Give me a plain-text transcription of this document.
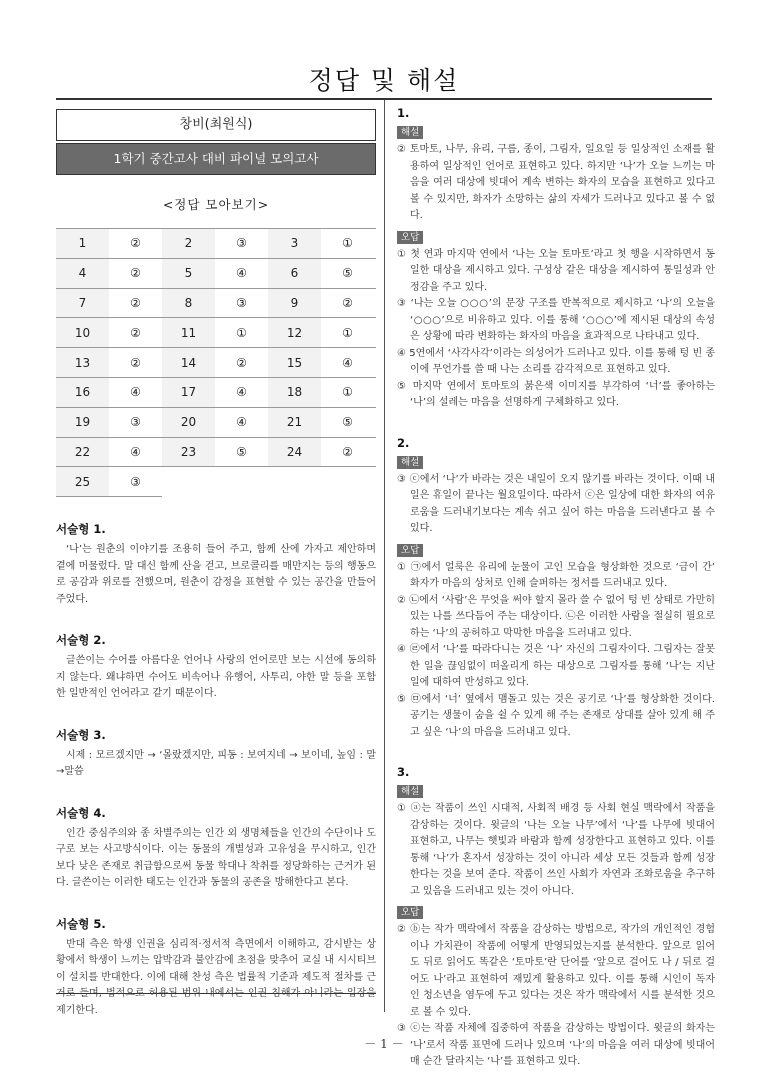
정답 및 해설
창비(최원식)
1학기 중간고사 대비 파이널 모의고사
<정답 모아보기>
1	②	2	③	3	①
4	②	5	④	6	⑤
7	②	8	③	9	②
10	②	11	①	12	①
13	②	14	②	15	④
16	④	17	④	18	①
19	③	20	④	21	⑤
22	④	23	⑤	24	②
25	③
서술형 1.
‘나’는 원춘의 이야기를 조용히 들어 주고, 함께 산에 가자고 제안하며 곁에 머물렀다. 말 대신 함께 산을 걷고, 브로콜리를 매만지는 등의 행동으로 공감과 위로를 전했으며, 원춘이 감정을 표현할 수 있는 공간을 만들어 주었다.
서술형 2.
글쓴이는 수어를 아름다운 언어나 사랑의 언어로만 보는 시선에 동의하지 않는다. 왜냐하면 수어도 비속어나 유행어, 사투리, 야한 말 등을 포함한 일반적인 언어라고 같기 때문이다.
서술형 3.
시제 : 모르겠지만 → ‘몰랐겠지만, 피동 : 보여지네 → 보이네, 높임 : 말 →말씀
서술형 4.
인간 중심주의와 종 차별주의는 인간 외 생명체들을 인간의 수단이나 도구로 보는 사고방식이다. 이는 동물의 개별성과 고유성을 무시하고, 인간보다 낮은 존재로 취급함으로써 동물 학대나 착취를 정당화하는 근거가 된다. 글쓴이는 이러한 태도는 인간과 동물의 공존을 방해한다고 본다.
서술형 5.
반대 측은 학생 인권을 심리적·정서적 측면에서 이해하고, 감시받는 상황에서 학생이 느끼는 압박감과 불안감에 초점을 맞추어 교실 내 시시티브이 설치를 반대한다. 이에 대해 찬성 측은 법률적 기준과 제도적 절차를 근거로 들며, 법적으로 허용된 범위 내에서는 인권 침해가 아니라는 입장을 제기한다.
1.
해설
② 토마토, 나무, 유리, 구름, 종이, 그림자, 일요일 등 일상적인 소재를 활용하여 일상적인 언어로 표현하고 있다. 하지만 ‘나’가 오늘 느끼는 마음을 여러 대상에 빗대어 계속 변하는 화자의 모습을 표현하고 있다고 볼 수 있지만, 화자가 소망하는 삶의 자세가 드러나고 있다고 볼 수 없다.
오답
① 첫 연과 마지막 연에서 ‘나는 오늘 토마토’라고 첫 행을 시작하면서 동일한 대상을 제시하고 있다. 구성상 같은 대상을 제시하여 통일성과 안정감을 주고 있다.
③ ‘나는 오늘 ○○○’의 문장 구조를 반복적으로 제시하고 ‘나’의 오늘을 ‘○○○’으로 비유하고 있다. 이를 통해 ‘○○○’에 제시된 대상의 속성은 상황에 따라 변화하는 화자의 마음을 효과적으로 나타내고 있다.
④ 5연에서 ‘사각사각’이라는 의성어가 드러나고 있다. 이를 통해 텅 빈 종이에 무언가를 쓸 때 나는 소리를 감각적으로 표현하고 있다.
⑤ 마지막 연에서 토마토의 붉은색 이미지를 부각하여 ‘너’를 좋아하는 ‘나’의 설레는 마음을 선명하게 구체화하고 있다.
2.
해설
③ ⓒ에서 ‘나’가 바라는 것은 내일이 오지 않기를 바라는 것이다. 이때 내일은 휴일이 끝나는 월요일이다. 따라서 ⓒ은 일상에 대한 화자의 여유로움을 드러내기보다는 계속 쉬고 싶어 하는 마음을 드러낸다고 볼 수 있다.
오답
① ㉠에서 얼룩은 유리에 눈물이 고인 모습을 형상화한 것으로 ‘금이 간’ 화자가 마음의 상처로 인해 슬퍼하는 정서를 드러내고 있다.
② ㉡에서 ‘사람’은 무엇을 써야 할지 몰라 쓸 수 없어 텅 빈 상태로 가만히 있는 나를 쓰다듬어 주는 대상이다. ㉡은 이러한 사람을 절실히 필요로 하는 ‘나’의 공허하고 막막한 마음을 드러내고 있다.
④ ㉣에서 ‘나’를 따라다니는 것은 ‘나’ 자신의 그림자이다. 그림자는 잘못한 일을 끊임없이 떠올리게 하는 대상으로 그림자를 통해 ‘나’는 지난 일에 대하여 반성하고 있다.
⑤ ㉤에서 ‘너’ 옆에서 맴돌고 있는 것은 공기로 ‘나’를 형상화한 것이다. 공기는 생물이 숨을 쉴 수 있게 해 주는 존재로 상대를 살아 있게 해 주고 싶은 ‘나’의 마음을 드러내고 있다.
3.
해설
① ⓐ는 작품이 쓰인 시대적, 사회적 배경 등 사회 현실 맥락에서 작품을 감상하는 것이다. 윗글의 ‘나는 오늘 나무’에서 ‘나’를 나무에 빗대어 표현하고, 나무는 햇빛과 바람과 함께 성장한다고 표현하고 있다. 이를 통해 ‘나’가 혼자서 성장하는 것이 아니라 세상 모든 것들과 함께 성장한다는 것을 보여 준다. 작품이 쓰인 사회가 자연과 조화로움을 추구하고 있음을 드러내고 있는 것이 아니다.
오답
② ⓑ는 작가 맥락에서 작품을 감상하는 방법으로, 작가의 개인적인 경험이나 가치관이 작품에 어떻게 반영되었는지를 분석한다. 앞으로 읽어도 뒤로 읽어도 똑같은 ‘토마토’란 단어를 ‘앞으로 걸어도 나 / 뒤로 걸어도 나’라고 표현하여 재밌게 활용하고 있다. 이를 통해 시인이 독자인 청소년을 염두에 두고 있다는 것은 작가 맥락에서 시를 분석한 것으로 볼 수 있다.
③ ⓒ는 작품 자체에 집중하여 작품을 감상하는 방법이다. 윗글의 화자는 ‘나’로서 작품 표면에 드러나 있으며 ‘나’의 마음을 여러 대상에 빗대어 매 순간 달라지는 ‘나’를 표현하고 있다.
－ 1 －
